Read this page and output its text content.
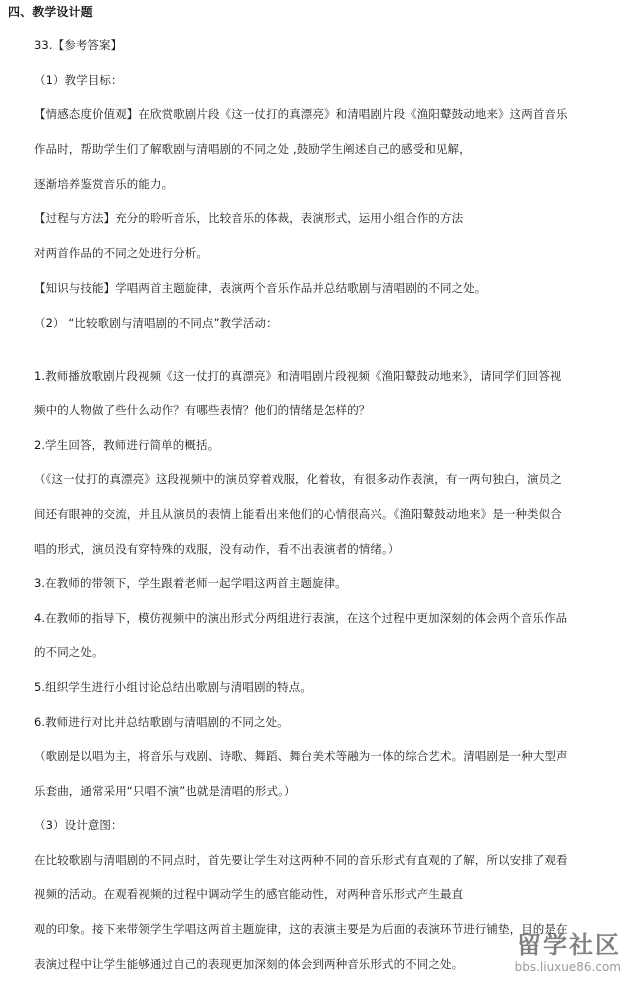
四、教学设计题
33.【参考答案】
（1）教学目标：
【情感态度价值观】在欣赏歌剧片段《这一仗打的真漂亮》和清唱剧片段《渔阳鼙鼓动地来》这两首音乐
作品时，帮助学生们了解歌剧与清唱剧的不同之处 ,鼓励学生阐述自己的感受和见解，
逐渐培养鉴赏音乐的能力。
【过程与方法】充分的聆听音乐，比较音乐的体裁，表演形式，运用小组合作的方法
对两首作品的不同之处进行分析。
【知识与技能】学唱两首主题旋律，表演两个音乐作品并总结歌剧与清唱剧的不同之处。
（2） “比较歌剧与清唱剧的不同点”教学活动：
1.教师播放歌剧片段视频《这一仗打的真漂亮》和清唱剧片段视频《渔阳鼙鼓动地来》，请同学们回答视
频中的人物做了些什么动作？有哪些表情？他们的情绪是怎样的？
2.学生回答，教师进行简单的概括。
（《这一仗打的真漂亮》这段视频中的演员穿着戏服，化着妆，有很多动作表演，有一两句独白，演员之
间还有眼神的交流，并且从演员的表情上能看出来他们的心情很高兴。《渔阳鼙鼓动地来》是一种类似合
唱的形式，演员没有穿特殊的戏服，没有动作，看不出表演者的情绪。）
3.在教师的带领下，学生跟着老师一起学唱这两首主题旋律。
4.在教师的指导下，模仿视频中的演出形式分两组进行表演，在这个过程中更加深刻的体会两个音乐作品
的不同之处。
5.组织学生进行小组讨论总结出歌剧与清唱剧的特点。
6.教师进行对比并总结歌剧与清唱剧的不同之处。
（歌剧是以唱为主，将音乐与戏剧、诗歌、舞蹈、舞台美术等融为一体的综合艺术。清唱剧是一种大型声
乐套曲，通常采用“只唱不演”也就是清唱的形式。）
（3）设计意图：
在比较歌剧与清唱剧的不同点时，首先要让学生对这两种不同的音乐形式有直观的了解，所以安排了观看
视频的活动。在观看视频的过程中调动学生的感官能动性，对两种音乐形式产生最直
观的印象。接下来带领学生学唱这两首主题旋律，这的表演主要是为后面的表演环节进行铺垫，目的是在
表演过程中让学生能够通过自己的表现更加深刻的体会到两种音乐形式的不同之处。
留学社区
bbs.liuxue86.com
